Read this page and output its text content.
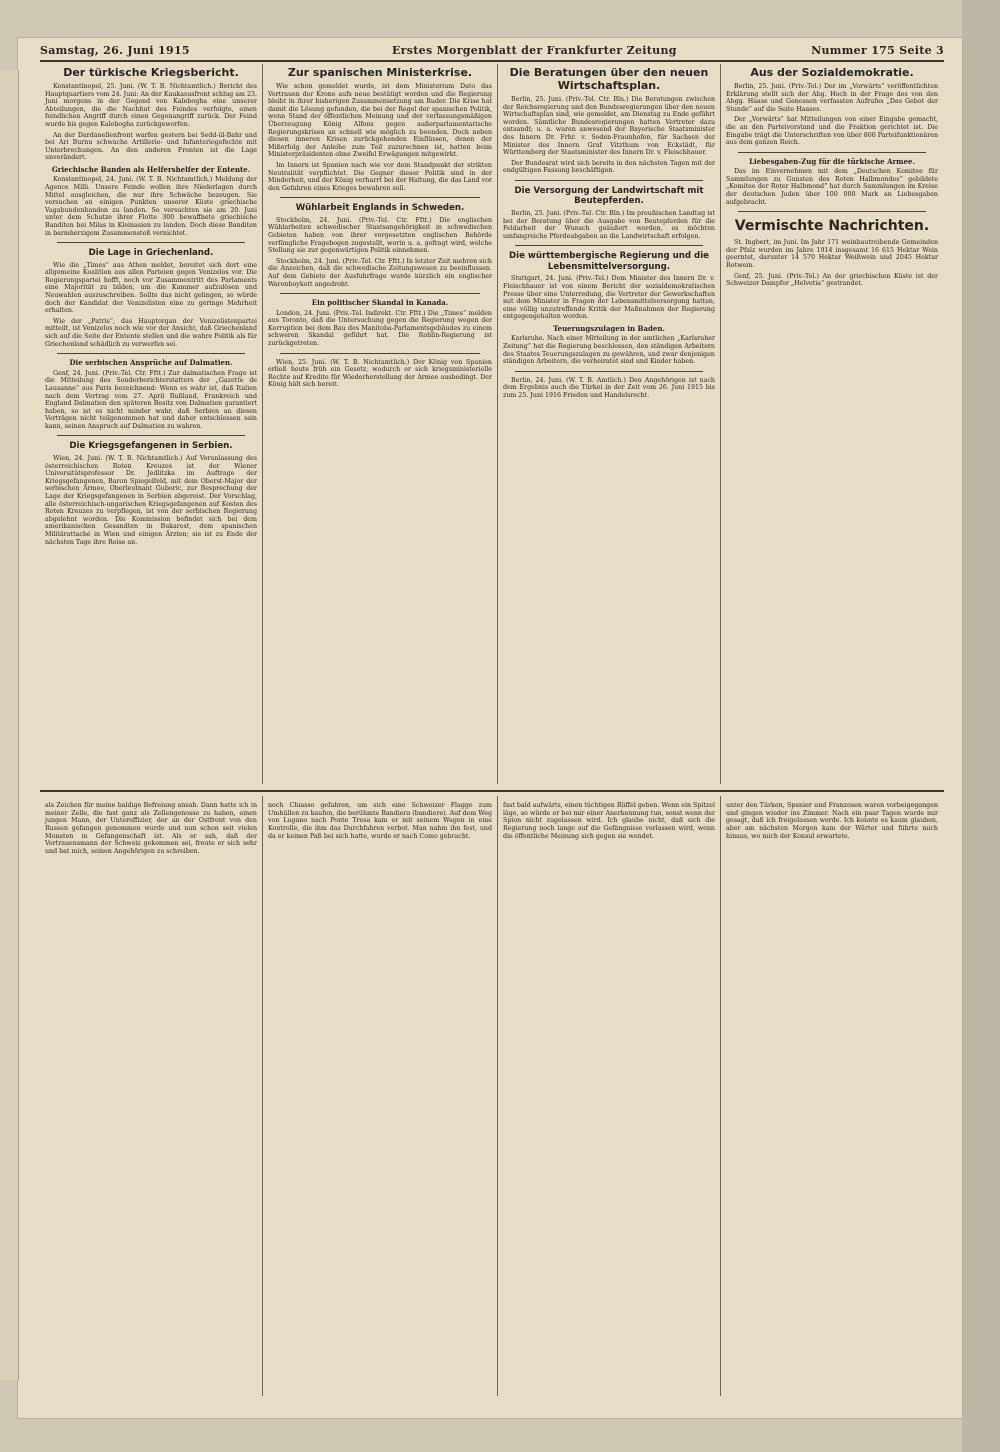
Samstag, 26. Juni 1915	Erstes Morgenblatt der Frankfurter Zeitung	Nummer 175 Seite 3
Der türkische Kriegsbericht.

Konstantinopel, 25. Juni. (W. T. B. Nichtamtlich.) Bericht des Hauptquartiers vom 24. Juni: An der Kaukasusfront schlug am 23. Juni morgens in der Gegend von Kalebogha eine unserer Abteilungen, die die Nachhut des Feindes verfolgte, einen feindlichen Angriff durch einen Gegenangriff zurück. Der Feind wurde bis gegen Kalebogha zurückgeworfen.

An der Dardanellenfront warfen gestern bei Sedd-ül-Bahr und bei Ari Burnu schwache Artillerie- und Infanteriegefechte mit Unterbrechungen. An den anderen Fronten ist die Lage unverändert.

Griechische Banden als Helfershelfer der Entente.

Konstantinopel, 24. Juni. (W. T. B. Nichtamtlich.) Meldung der Agence Milli. Unsere Feinde wollen ihre Niederlagen durch Mittel ausgleichen, die nur ihre Schwäche bezeugen. Sie versuchen an einigen Punkten unserer Küste griechische Vagabundenbanden zu landen. So versuchten sie am 20. Juni unter dem Schutze ihrer Flotte 300 bewaffnete griechische Banditen bei Milas in Kleinasien zu landen. Doch diese Banditen in barmherzigem Zusammenstoß vernichtet.

Die Lage in Griechenland.

Wie die „Times“ aus Athen meldet, bereitet sich dort eine allgemeine Koalition aus allen Parteien gegen Venizelos vor. Die Regierungspartei hofft, noch vor Zusammentritt des Parlaments eine Majorität zu bilden, um die Kammer aufzulösen und Neuwahlen auszuschreiben. Sollte das nicht gelingen, so würde doch der Kandidat der Venizelisten eine zu geringe Mehrheit erhalten.

Wie der „Patris“, das Hauptorgan der Venizelistenpartei mitteilt, ist Venizelos noch wie vor der Ansicht, daß Griechenland sich auf die Seite der Entente stellen und die wahre Politik als für Griechenland schädlich zu verwerfen sei.

Die serbischen Ansprüche auf Dalmatien.

Genf, 24. Juni. (Priv.-Tel. Ctr. Fftt.) Zur dalmatischen Frage ist die Mitteilung des Sonderberichterstatters der „Gazette de Lausanne“ aus Paris bezeichnend: Wenn es wahr ist, daß Italien nach dem Vertrag vom 27. April Rußland, Frankreich und England Dalmatien den späteren Besitz von Dalmatien garantiert haben, so ist es nicht minder wahr, daß Serbien an diesen Verträgen nicht teilgenommen hat und daher entschlossen sein kann, seinen Anspruch auf Dalmatien zu wahren.

Die Kriegsgefangenen in Serbien.

Wien, 24. Juni. (W. T. B. Nichtamtlich.) Auf Veranlassung des österreichischen Roten Kreuzes ist der Wiener Universitätsprofessor Dr. Jedlitzka im Auftrage der Kriegsgefangenen, Baron Spiegelfeld, mit dem Oberst-Major der serbischen Armee, Oberleutnant Guboric, zur Besprechung der Lage der Kriegsgefangenen in Serbien abgereist. Der Vorschlag, alle österreichisch-ungarischen Kriegsgefangenen auf Kosten des Roten Kreuzes zu verpflegen, ist von der serbischen Regierung abgelehnt worden. Die Kommission befindet sich bei dem amerikanischen Gesandten in Bukarest, dem spanischen Militärattaché in Wien und einigen Ärzten; sie ist zu Ende der nächsten Tage ihre Reise an.

Zur spanischen Ministerkrise.

Wie schon gemeldet wurde, ist dem Ministerium Dato das Vertrauen der Krone aufs neue bestätigt worden und die Regierung bleibt in ihrer bisherigen Zusammensetzung am Ruder. Die Krise hat damit die Lösung gefunden, die bei der Regel der spanischen Politik, wenn Stand der öffentlichen Meinung und der verfassungsmäßigen Überzeugung König Alfons gegen außerparlamentarische Regierungskrisen an schnell wie möglich zu beenden. Doch neben diesen inneren Krisen zurückgehenden Einflüssen, denen der Mißerfolg der Anleihe zum Teil zuzurechnen ist, hatten beim Ministerpräsidenten ohne Zweifel Erwägungen mitgewirkt.

Im Innern ist Spanien nach wie vor dem Standpunkt der strikten Neutralität verpflichtet. Die Gegner dieser Politik sind in der Minderheit, und der König verharrt bei der Haltung, die das Land vor den Gefahren eines Krieges bewahren soll.

Wühlarbeit Englands in Schweden.

Stockholm, 24. Juni. (Priv.-Tel. Ctr. Fftt.) Die englischen Wühlarbeiten schwedischer Staatsangehörigkeit in schwedischen Gebieten haben von ihrer vorgesetzten englischen Behörde verfängliche Fragebogen zugestellt, worin u. a. gefragt wird, welche Stellung sie zur gegenwärtigen Politik einnehmen.

Stockholm, 24. Juni. (Priv.-Tel. Ctr. Fftt.) In letzter Zeit mehren sich die Anzeichen, daß die schwedische Zeitungswesen zu beeinflussen. Auf dem Gebiete der Ausfuhrfrage wurde kürzlich ein englischer Warenboykott angedroht.

Ein politischer Skandal in Kanada.

London, 24. Juni. (Priv.-Tel. Indirekt. Ctr. Fftt.) Die „Times“ melden aus Toronto, daß die Untersuchung gegen die Regierung wegen der Korruption bei dem Bau des Manitoba-Parlamentsgebäudes zu einem schweren Skandal geführt hat. Die Roblin-Regierung ist zurückgetreten.

Wien, 25. Juni. (W. T. B. Nichtamtlich.) Der König von Spanien erließ heute früh ein Gesetz, wodurch er sich kriegsministerielle Rechte auf Kredite für Wiederherstellung der Armee ausbedingt. Der König hält sich bereit.

Die Beratungen über den neuen Wirtschaftsplan.

Berlin, 25. Juni. (Priv.-Tel. Ctr. Bln.) Die Beratungen zwischen der Reichsregierung und den Bundesregierungen über den neuen Wirtschaftsplan sind, wie gemeldet, am Dienstag zu Ende geführt worden. Sämtliche Bundesregierungen hatten Vertreter dazu entsandt; u. a. waren anwesend der Bayerische Staatsminister des Innern Dr. Frhr. v. Soden-Fraunhofen, für Sachsen der Minister des Innern Graf Vitzthum von Eckstädt, für Württemberg der Staatsminister des Innern Dr. v. Fleischhauer.

Der Bundesrat wird sich bereits in den nächsten Tagen mit der endgültigen Fassung beschäftigen.

Die Versorgung der Landwirtschaft mit Beutepferden.

Berlin, 25. Juni. (Priv.-Tel. Ctr. Bln.) Im preußischen Landtag ist bei der Beratung über die Ausgabe von Beutepferden für die Feldarbeit der Wunsch geäußert worden, es möchten umfangreiche Pferdeabgaben an die Landwirtschaft erfolgen.

Die württembergische Regierung und die Lebensmittelversorgung.

Stuttgart, 24. Juni. (Priv.-Tel.) Dem Minister des Innern Dr. v. Fleischhauer ist von einem Bericht der sozialdemokratischen Presse über eine Unterredung, die Vertreter der Gewerkschaften mit dem Minister in Fragen der Lebensmittelversorgung hatten, eine völlig unzutreffende Kritik der Maßnahmen der Regierung entgegengehalten worden.

Teuerungszulagen in Baden.

Karlsruhe. Nach einer Mitteilung in der amtlichen „Karlsruher Zeitung“ hat die Regierung beschlossen, den ständigen Arbeitern des Staates Teuerungszulagen zu gewähren, und zwar denjenigen ständigen Arbeitern, die verheiratet sind und Kinder haben.

Berlin, 24. Juni. (W. T. B. Amtlich.) Den Angehörigen ist nach dem Ergebnis auch die Türkei in der Zeit vom 26. Juni 1915 bis zum 25. Juni 1916 Frieden und Handelsrecht.

Aus der Sozialdemokratie.

Berlin, 25. Juni. (Priv.-Tel.) Der im „Vorwärts“ veröffentlichten Erklärung stellt sich der Abg. Hoch in der Frage des von den Abgg. Haase und Genossen verfassten Aufrufes „Das Gebot der Stunde“ auf die Seite Haases.

Der „Vorwärts“ hat Mitteilungen von einer Eingabe gemacht, die an den Parteivorstand und die Fraktion gerichtet ist. Die Eingabe trägt die Unterschriften von über 800 Parteifunktionären aus dem ganzen Reich.

Liebesgaben-Zug für die türkische Armee.

Das im Einvernehmen mit dem „Deutschen Komitee für Sammlungen zu Gunsten des Roten Halbmondes“ gebildete „Komitee der Roter Halbmond“ hat durch Sammlungen im Kreise der deutschen Juden über 100 000 Mark an Liebesgaben aufgebracht.

Vermischte Nachrichten.

St. Ingbert, im Juni. Im Jahr 171 weinbautreibende Gemeinden der Pfalz wurden im Jahre 1914 insgesamt 16 615 Hektar Wein geerntet, darunter 14 570 Hektar Weißwein und 2045 Hektar Rotwein.

Genf, 25. Juni. (Priv.-Tel.) An der griechischen Küste ist der Schweizer Dampfer „Helvetia“ gestrandet.

als Zeichen für meine baldige Befreiung ansah. Dann hatte ich in meiner Zelle, die fast ganz als Zellengenosse zu haben, einen jungen Mann, der Unteroffizier, der an der Ostfront von den Russen gefangen genommen wurde und nun schon seit vielen Monaten in Gefangenschaft ist. Als er sah, daß der Vertrauensmann der Schweiz gekommen sei, freute er sich sehr und bat mich, seinen Angehörigen zu schreiben.

noch Chiasso gefahren, um sich eine Schweizer Flagge zum Umhüllen zu kaufen, die berühmte Bandiera (bandiere). Auf dem Weg von Lugano nach Ponte Tresa kam er mit seinem Wagen in eine Kontrolle, die ihm das Durchfahren verbot. Man nahm ihn fest, und da er keinen Paß bei sich hatte, wurde er nach Como gebracht.

fast bald aufwärts, einen tüchtigen Rüffel geben. Wenn ein Spitzel läge, so würde er bei mir einer Anerkennung tun, sonst wenn der Spion nicht zugelassen wird. Ich glaube nicht, daß sich die Regierung noch lange auf die Gefängnisse verlassen wird, wenn die öffentliche Meinung sich gegen sie wendet.

unter den Türken, Spanier und Franzosen waren vorbeigegangen und gingen wieder ins Zimmer. Nach ein paar Tagen wurde mir gesagt, daß ich freigelassen werde. Ich konnte es kaum glauben, aber am nächsten Morgen kam der Wärter und führte mich hinaus, wo mich der Konsul erwartete.
